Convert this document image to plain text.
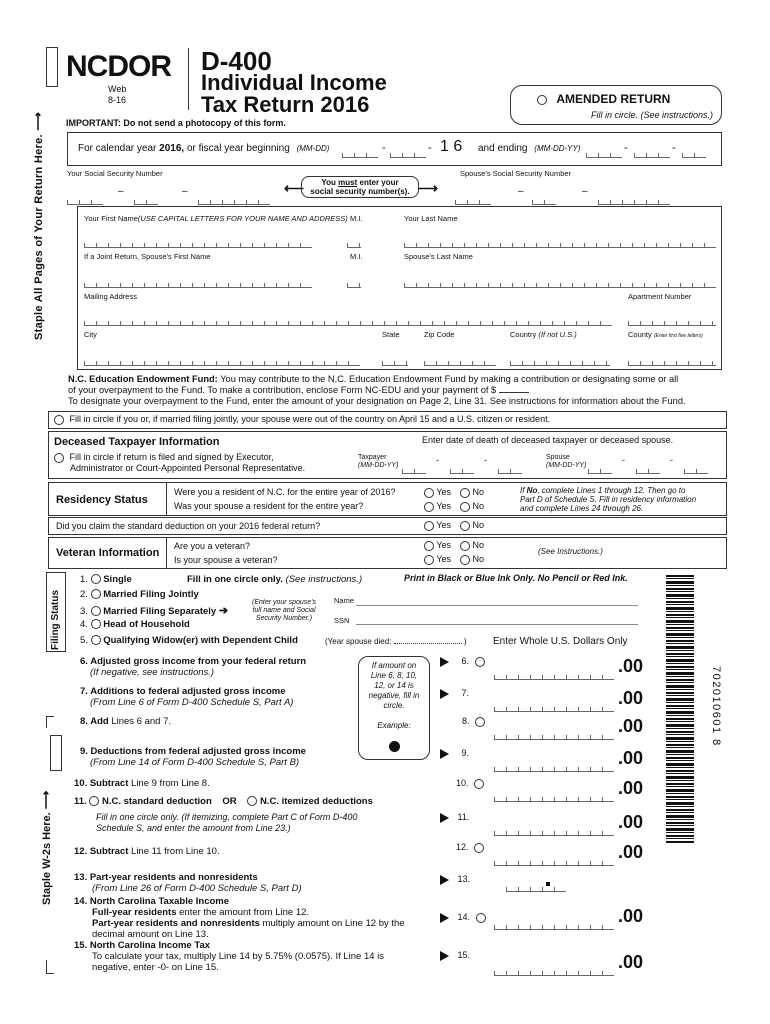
Staple All Pages of Your Return Here. ⟶
NCDOR
Web
8-16
D-400
Individual Income
Tax Return 2016
IMPORTANT: Do not send a photocopy of this form.
AMENDED RETURN
Fill in circle. (See instructions.)
For calendar year 2016, or fiscal year beginning (MM-DD)	-	- 1 6 and ending (MM-DD-YY)	-	-
Your Social Security Number	Spouse's Social Security Number
–	–	⟵ You must enter your
social security number(s). ⟶	–	–
Your First Name(USE CAPITAL LETTERS FOR YOUR NAME AND ADDRESS) M.I.	Your Last Name
If a Joint Return, Spouse's First Name	M.I.	Spouse's Last Name
Mailing Address	Apartment Number
City	State	Zip Code	Country (If not U.S.)	County (Enter first five letters)
N.C. Education Endowment Fund: You may contribute to the N.C. Education Endowment Fund by making a contribution or designating some or all
of your overpayment to the Fund. To make a contribution, enclose Form NC-EDU and your payment of $
To designate your overpayment to the Fund, enter the amount of your designation on Page 2, Line 31. See instructions for information about the Fund.
Fill in circle if you or, if married filing jointly, your spouse were out of the country on April 15 and a U.S. citizen or resident.
Deceased Taxpayer Information	Enter date of death of deceased taxpayer or deceased spouse.
Fill in circle if return is filed and signed by Executor,
Administrator or Court-Appointed Personal Representative.
Taxpayer
(MM-DD-YY)
-	-	Spouse
(MM-DD-YY)
-	-
Residency Status
Were you a resident of N.C. for the entire year of 2016?
Was your spouse a resident for the entire year?
Yes	No
Yes	No
If No, complete Lines 1 through 12. Then go to
Part D of Schedule S. Fill in residency information
and complete Lines 24 through 26.
Did you claim the standard deduction on your 2016 federal return?	Yes	No
Veteran Information
Are you a veteran?
Is your spouse a veteran?
Yes	No
Yes	No
(See Instructions.)
Filing Status
1. Single	Fill in one circle only. (See instructions.)	Print in Black or Blue Ink Only. No Pencil or Red Ink.
2. Married Filing Jointly
3. Married Filing Separately ➔
(Enter your spouse's
full name and Social
Security Number.)
Name
SSN
4. Head of Household
5. Qualifying Widow(er) with Dependent Child	(Year spouse died:	)	Enter Whole U.S. Dollars Only
If amount on
Line 6, 8, 10,
12, or 14 is
negative, fill in
circle.

Example:
6. Adjusted gross income from your federal return
(If negative, see instructions.)
7. Additions to federal adjusted gross income
(From Line 6 of Form D-400 Schedule S, Part A)
8. Add Lines 6 and 7.
9. Deductions from federal adjusted gross income
(From Line 14 of Form D-400 Schedule S, Part B)
10. Subtract Line 9 from Line 8.
11. N.C. standard deduction OR N.C. itemized deductions
Fill in one circle only. (If itemizing, complete Part C of Form D-400
Schedule S, and enter the amount from Line 23.)
12. Subtract Line 11 from Line 10.
13. Part-year residents and nonresidents
(From Line 26 of Form D-400 Schedule S, Part D)
14. North Carolina Taxable Income
Full-year residents enter the amount from Line 12.
Part-year residents and nonresidents multiply amount on Line 12 by the
decimal amount on Line 13.
15. North Carolina Income Tax
To calculate your tax, multiply Line 14 by 5.75% (0.0575). If Line 14 is
negative, enter -0- on Line 15.
6.	.00
7.	.00
8.	.00
9.	.00
10.	.00
11.	.00
12.	.00
13.
14.	.00
15.	.00
702010601 8
Staple W-2s Here. ⟶
